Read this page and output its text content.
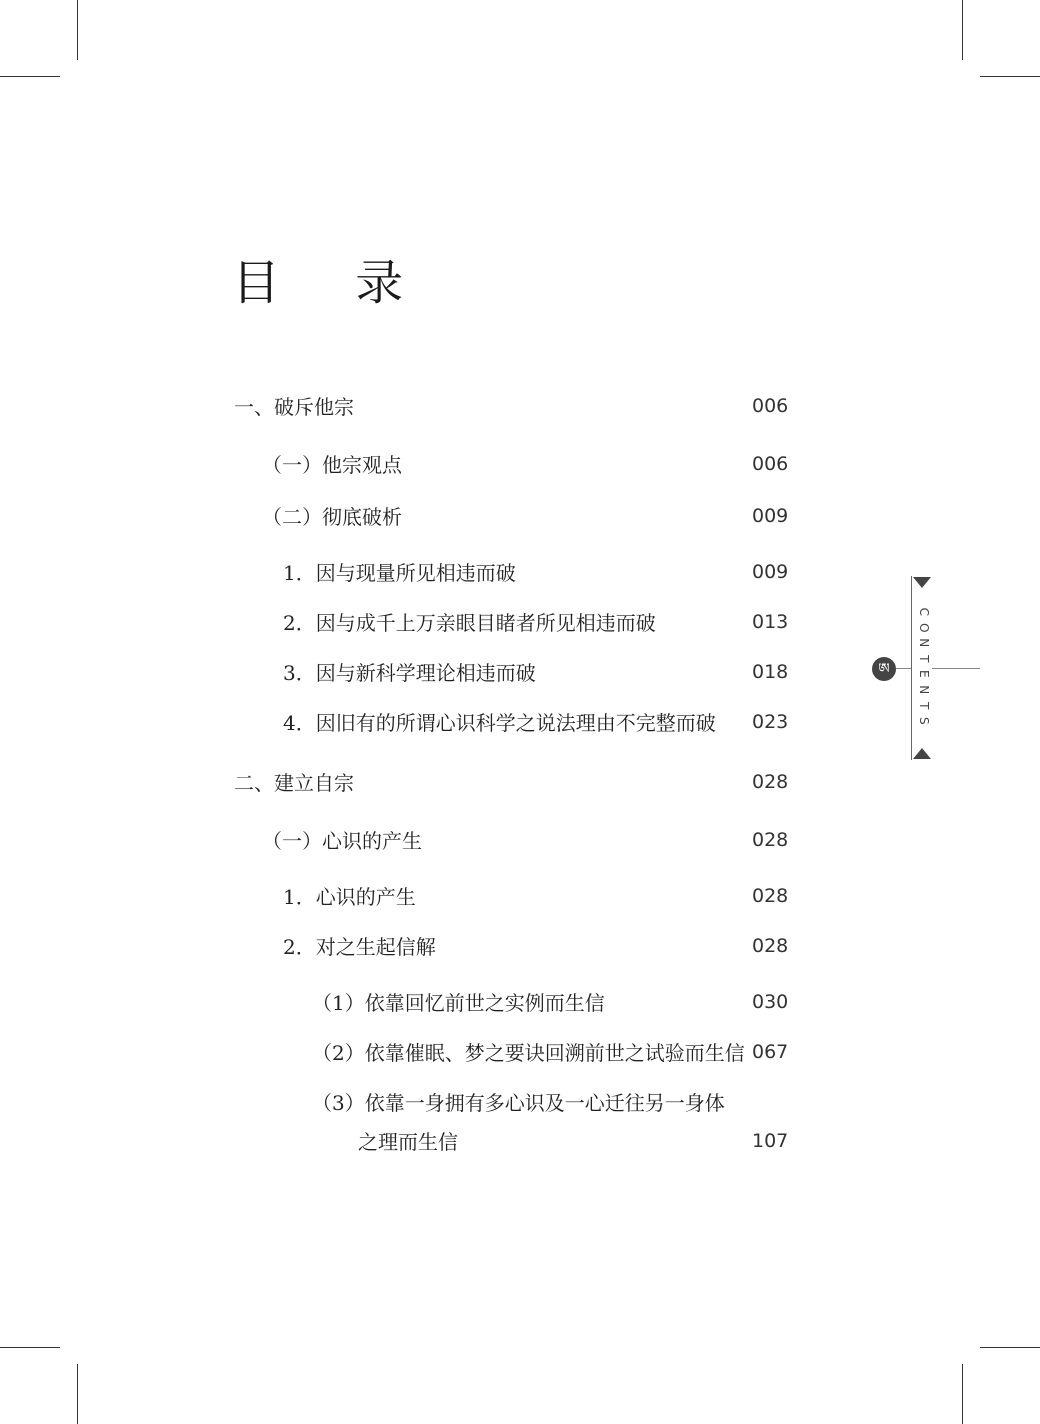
目 录
一、破斥他宗	006
（一）他宗观点	006
（二）彻底破析	009
1．因与现量所见相违而破	009
2．因与成千上万亲眼目睹者所见相违而破	013
3．因与新科学理论相违而破	018
4．因旧有的所谓心识科学之说法理由不完整而破 023
二、建立自宗	028
（一）心识的产生	028
1．心识的产生	028
2．对之生起信解	028
（1）依靠回忆前世之实例而生信	030
（2）依靠催眠、梦之要诀回溯前世之试验而生信 067
（3）依靠一身拥有多心识及一心迁往另一身体
之理而生信	107
ཨ
C
O
N
T
E
N
T
S
